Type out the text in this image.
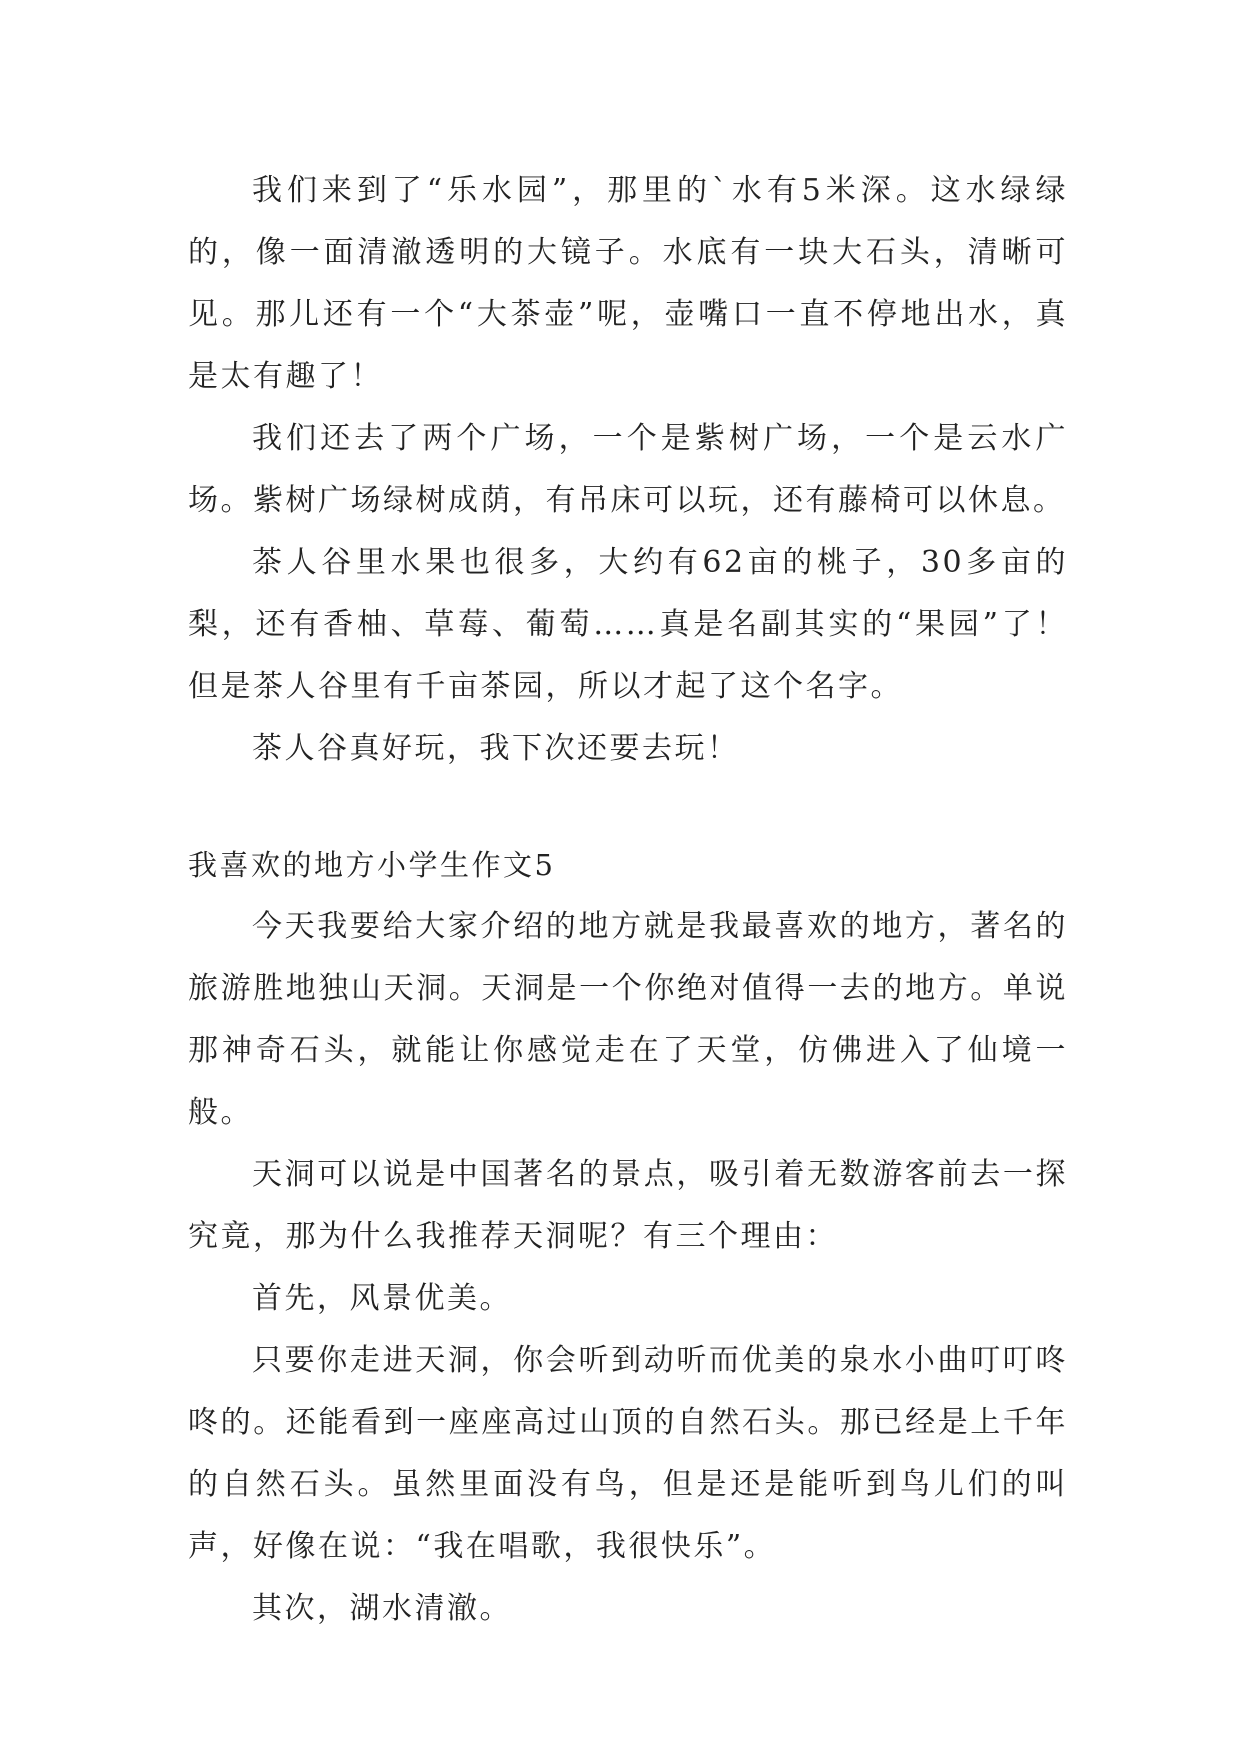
我们来到了“乐水园”，那里的`水有5米深。这水绿绿的，像一面清澈透明的大镜子。水底有一块大石头，清晰可见。那儿还有一个“大茶壶”呢，壶嘴口一直不停地出水，真是太有趣了！

我们还去了两个广场，一个是紫树广场，一个是云水广场。紫树广场绿树成荫，有吊床可以玩，还有藤椅可以休息。

茶人谷里水果也很多，大约有62亩的桃子，30多亩的梨，还有香柚、草莓、葡萄……真是名副其实的“果园”了！但是茶人谷里有千亩茶园，所以才起了这个名字。

茶人谷真好玩，我下次还要去玩！

我喜欢的地方小学生作文5

今天我要给大家介绍的地方就是我最喜欢的地方，著名的旅游胜地独山天洞。天洞是一个你绝对值得一去的地方。单说那神奇石头，就能让你感觉走在了天堂，仿佛进入了仙境一般。

天洞可以说是中国著名的景点，吸引着无数游客前去一探究竟，那为什么我推荐天洞呢？有三个理由：

首先，风景优美。

只要你走进天洞，你会听到动听而优美的泉水小曲叮叮咚咚的。还能看到一座座高过山顶的自然石头。那已经是上千年的自然石头。虽然里面没有鸟，但是还是能听到鸟儿们的叫声，好像在说：“我在唱歌，我很快乐”。

其次，湖水清澈。
